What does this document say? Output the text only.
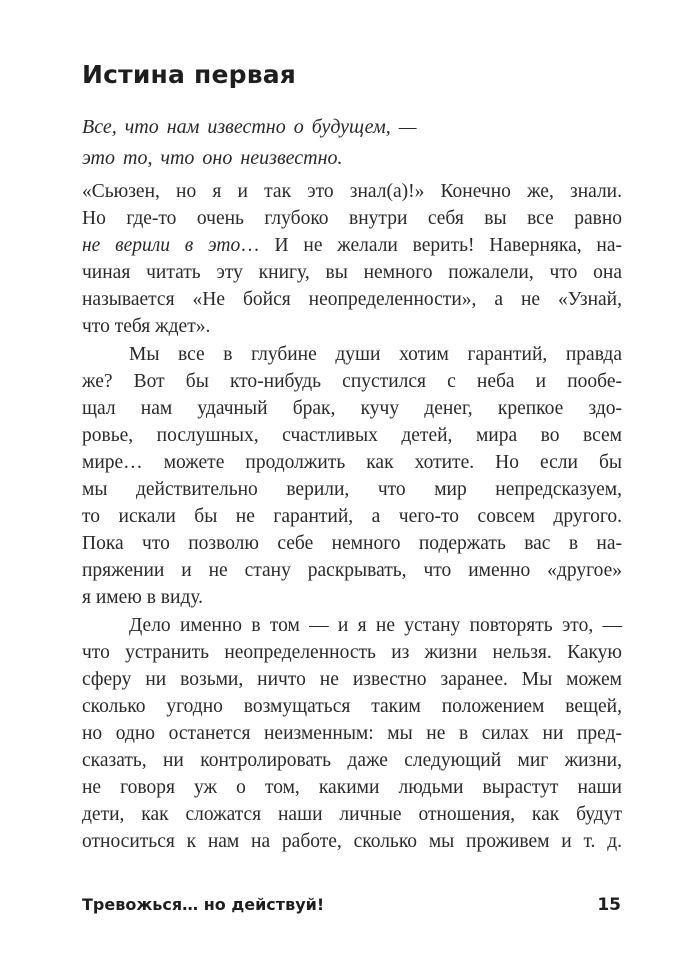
Истина первая
Все, что нам известно о будущем, —
это то, что оно неизвестно.
«Сьюзен, но я и так это знал(а)!» Конечно же, знали.
Но где-то очень глубоко внутри себя вы все равно
не верили в это… И не желали верить! Наверняка, на-
чиная читать эту книгу, вы немного пожалели, что она
называется «Не бойся неопределенности», а не «Узнай,
что тебя ждет».
Мы все в глубине души хотим гарантий, правда
же? Вот бы кто-нибудь спустился с неба и пообе-
щал нам удачный брак, кучу денег, крепкое здо-
ровье, послушных, счастливых детей, мира во всем
мире… можете продолжить как хотите. Но если бы
мы действительно верили, что мир непредсказуем,
то искали бы не гарантий, а чего-то совсем другого.
Пока что позволю себе немного подержать вас в на-
пряжении и не стану раскрывать, что именно «другое»
я имею в виду.
Дело именно в том — и я не устану повторять это, —
что устранить неопределенность из жизни нельзя. Какую
сферу ни возьми, ничто не известно заранее. Мы можем
сколько угодно возмущаться таким положением вещей,
но одно останется неизменным: мы не в силах ни пред-
сказать, ни контролировать даже следующий миг жизни,
не говоря уж о том, какими людьми вырастут наши
дети, как сложатся наши личные отношения, как будут
относиться к нам на работе, сколько мы проживем и т. д.
Тревожься… но действуй!	15
